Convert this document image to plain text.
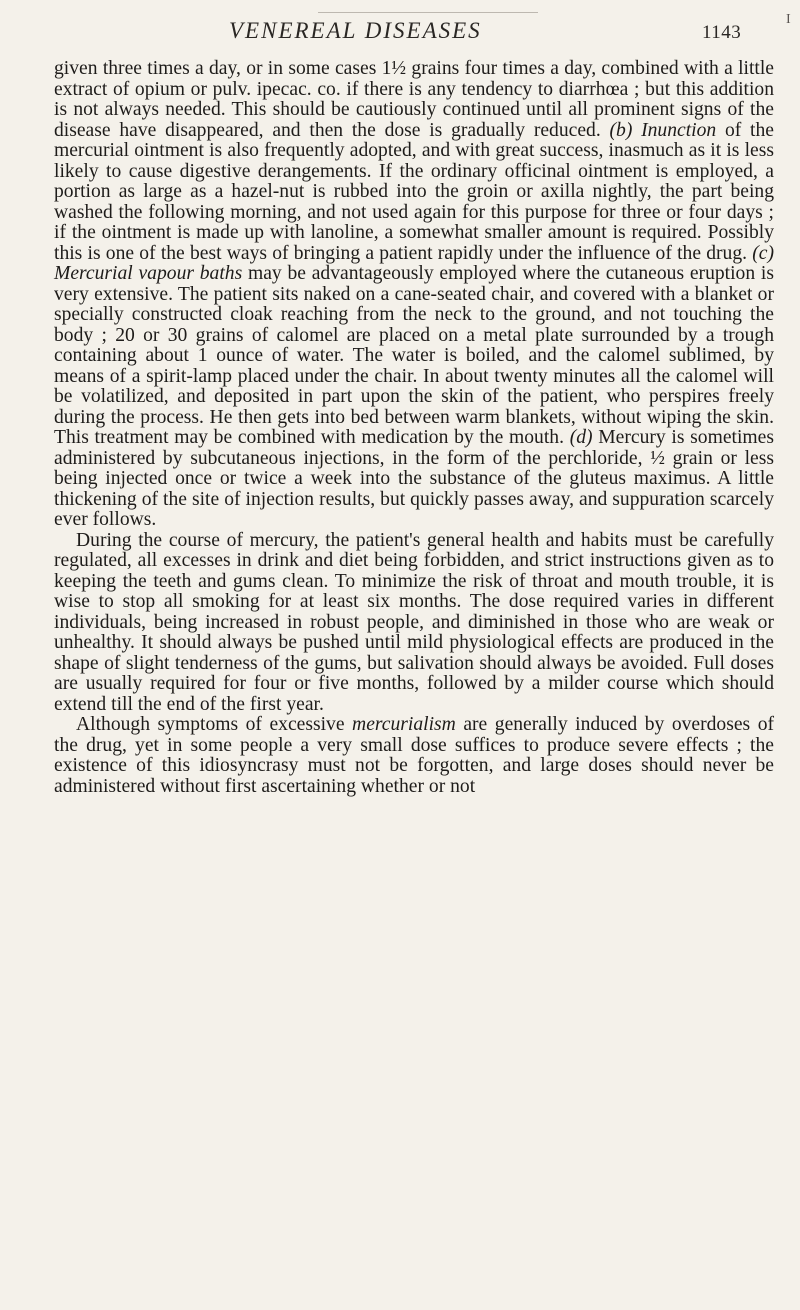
VENEREAL DISEASES	1143
I

given three times a day, or in some cases 1½ grains four times a day, combined with a little extract of opium or pulv. ipecac. co. if there is any tendency to diarrhœa ; but this addition is not always needed. This should be cautiously continued until all prominent signs of the disease have disappeared, and then the dose is gradually reduced. (b) Inunction of the mercurial ointment is also frequently adopted, and with great success, inasmuch as it is less likely to cause digestive derangements. If the ordinary officinal ointment is employed, a portion as large as a hazel-nut is rubbed into the groin or axilla nightly, the part being washed the following morning, and not used again for this purpose for three or four days ; if the ointment is made up with lanoline, a somewhat smaller amount is required. Possibly this is one of the best ways of bringing a patient rapidly under the influence of the drug. (c) Mercurial vapour baths may be advantageously employed where the cutaneous eruption is very extensive. The patient sits naked on a cane-seated chair, and covered with a blanket or specially constructed cloak reaching from the neck to the ground, and not touching the body ; 20 or 30 grains of calomel are placed on a metal plate surrounded by a trough containing about 1 ounce of water. The water is boiled, and the calomel sublimed, by means of a spirit-lamp placed under the chair. In about twenty minutes all the calomel will be volatilized, and deposited in part upon the skin of the patient, who perspires freely during the process. He then gets into bed between warm blankets, without wiping the skin. This treatment may be combined with medication by the mouth. (d) Mercury is sometimes administered by subcutaneous injections, in the form of the perchloride, ½ grain or less being injected once or twice a week into the substance of the gluteus maximus. A little thickening of the site of injection results, but quickly passes away, and suppuration scarcely ever follows.

During the course of mercury, the patient's general health and habits must be carefully regulated, all excesses in drink and diet being forbidden, and strict instructions given as to keeping the teeth and gums clean. To minimize the risk of throat and mouth trouble, it is wise to stop all smoking for at least six months. The dose required varies in different individuals, being increased in robust people, and diminished in those who are weak or unhealthy. It should always be pushed until mild physiological effects are produced in the shape of slight tenderness of the gums, but salivation should always be avoided. Full doses are usually required for four or five months, followed by a milder course which should extend till the end of the first year.

Although symptoms of excessive mercurialism are generally induced by overdoses of the drug, yet in some people a very small dose suffices to produce severe effects ; the existence of this idiosyncrasy must not be forgotten, and large doses should never be administered without first ascertaining whether or not
